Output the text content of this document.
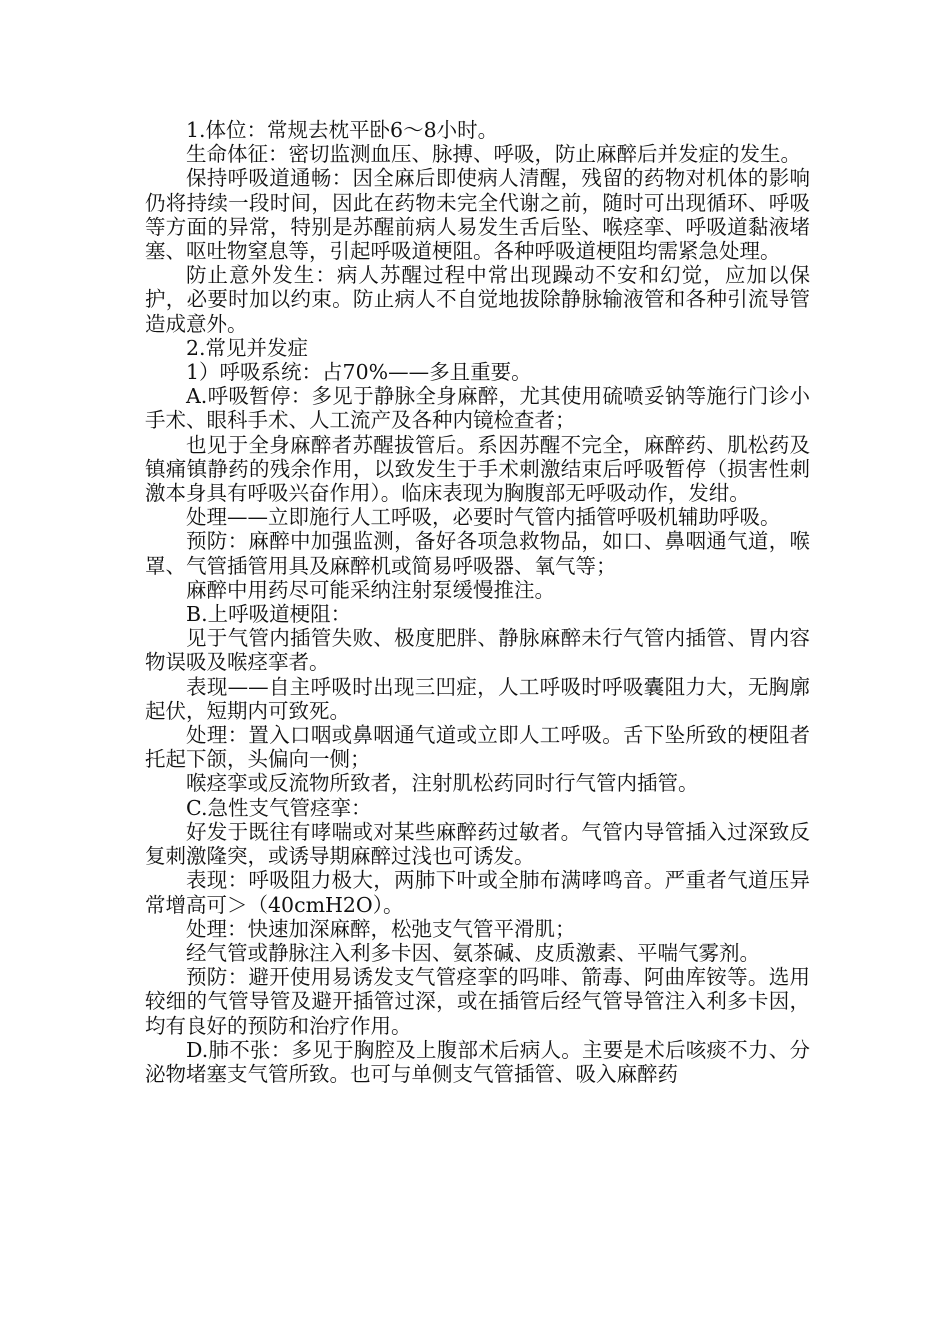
1.体位：常规去枕平卧6～8小时。

生命体征：密切监测血压、脉搏、呼吸，防止麻醉后并发症的发生。

保持呼吸道通畅：因全麻后即使病人清醒，残留的药物对机体的影响仍将持续一段时间，因此在药物未完全代谢之前，随时可出现循环、呼吸等方面的异常，特别是苏醒前病人易发生舌后坠、喉痉挛、呼吸道黏液堵塞、呕吐物窒息等，引起呼吸道梗阻。各种呼吸道梗阻均需紧急处理。

防止意外发生：病人苏醒过程中常出现躁动不安和幻觉，应加以保护，必要时加以约束。防止病人不自觉地拔除静脉输液管和各种引流导管造成意外。

2.常见并发症

1）呼吸系统：占70%——多且重要。

A.呼吸暂停：多见于静脉全身麻醉，尤其使用硫喷妥钠等施行门诊小手术、眼科手术、人工流产及各种内镜检查者；

也见于全身麻醉者苏醒拔管后。系因苏醒不完全，麻醉药、肌松药及镇痛镇静药的残余作用，以致发生于手术刺激结束后呼吸暂停（损害性刺激本身具有呼吸兴奋作用）。临床表现为胸腹部无呼吸动作，发绀。

处理——立即施行人工呼吸，必要时气管内插管呼吸机辅助呼吸。

预防：麻醉中加强监测，备好各项急救物品，如口、鼻咽通气道，喉罩、气管插管用具及麻醉机或简易呼吸器、氧气等；

麻醉中用药尽可能采纳注射泵缓慢推注。

B.上呼吸道梗阻：

见于气管内插管失败、极度肥胖、静脉麻醉未行气管内插管、胃内容物误吸及喉痉挛者。

表现——自主呼吸时出现三凹症，人工呼吸时呼吸囊阻力大，无胸廓起伏，短期内可致死。

处理：置入口咽或鼻咽通气道或立即人工呼吸。舌下坠所致的梗阻者托起下颌，头偏向一侧；

喉痉挛或反流物所致者，注射肌松药同时行气管内插管。

C.急性支气管痉挛：

好发于既往有哮喘或对某些麻醉药过敏者。气管内导管插入过深致反复刺激隆突，或诱导期麻醉过浅也可诱发。

表现：呼吸阻力极大，两肺下叶或全肺布满哮鸣音。严重者气道压异常增高可＞（40cmH2O）。

处理：快速加深麻醉，松弛支气管平滑肌；

经气管或静脉注入利多卡因、氨茶碱、皮质激素、平喘气雾剂。

预防：避开使用易诱发支气管痉挛的吗啡、箭毒、阿曲库铵等。选用较细的气管导管及避开插管过深，或在插管后经气管导管注入利多卡因，均有良好的预防和治疗作用。

D.肺不张：多见于胸腔及上腹部术后病人。主要是术后咳痰不力、分泌物堵塞支气管所致。也可与单侧支气管插管、吸入麻醉药
